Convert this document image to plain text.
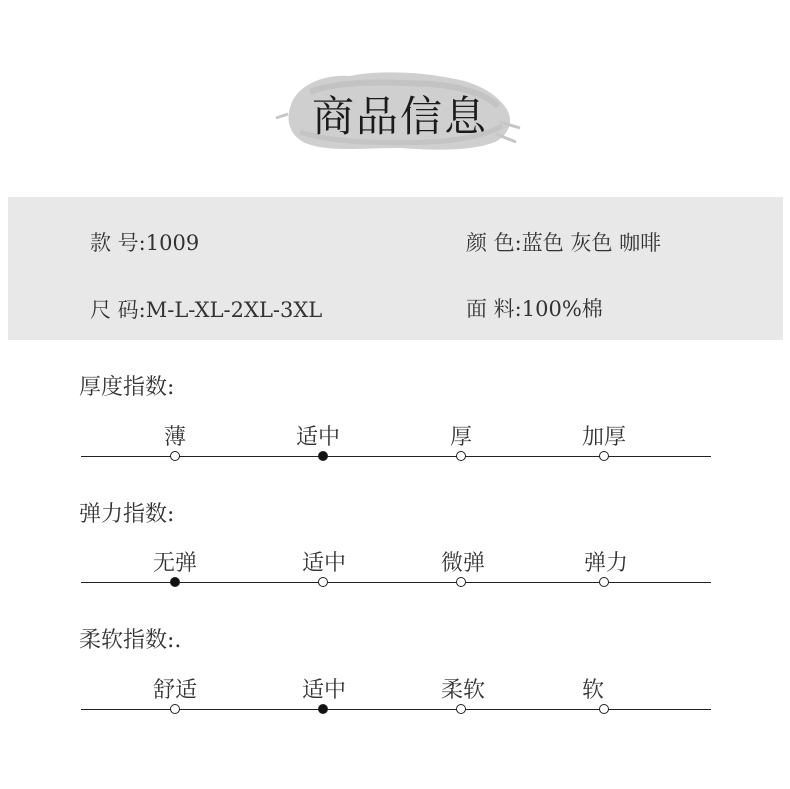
商品信息
款 号:1009	颜 色:蓝色 灰色 咖啡
尺 码:M-L-XL-2XL-3XL	面 料:100%棉
厚度指数:
薄	适中	厚	加厚
弹力指数:
无弹	适中	微弹	弹力
柔软指数:.
舒适	适中	柔软	软
